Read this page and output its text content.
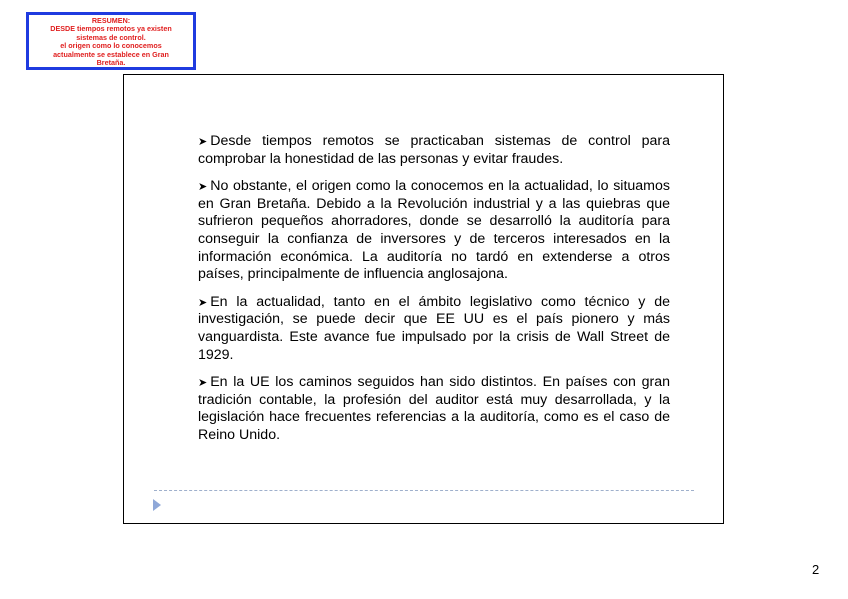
RESUMEN:
DESDE tiempos remotos ya existen
sistemas de control.
el origen como lo conocemos
actualmente se establece en Gran
Bretaña.

➤ Desde tiempos remotos se practicaban sistemas de control para comprobar la honestidad de las personas y evitar fraudes.

➤ No obstante, el origen como la conocemos en la actualidad, lo situamos en Gran Bretaña. Debido a la Revolución industrial y a las quiebras que sufrieron pequeños ahorradores, donde se desarrolló la auditoría para conseguir la confianza de inversores y de terceros interesados en la información económica. La auditoría no tardó en extenderse a otros países, principalmente de influencia anglosajona.

➤ En la actualidad, tanto en el ámbito legislativo como técnico y de investigación, se puede decir que EE UU es el país pionero y más vanguardista. Este avance fue impulsado por la crisis de Wall Street de 1929.

➤ En la UE los caminos seguidos han sido distintos. En países con gran tradición contable, la profesión del auditor está muy desarrollada, y la legislación hace frecuentes referencias a la auditoría, como es el caso de Reino Unido.

2
